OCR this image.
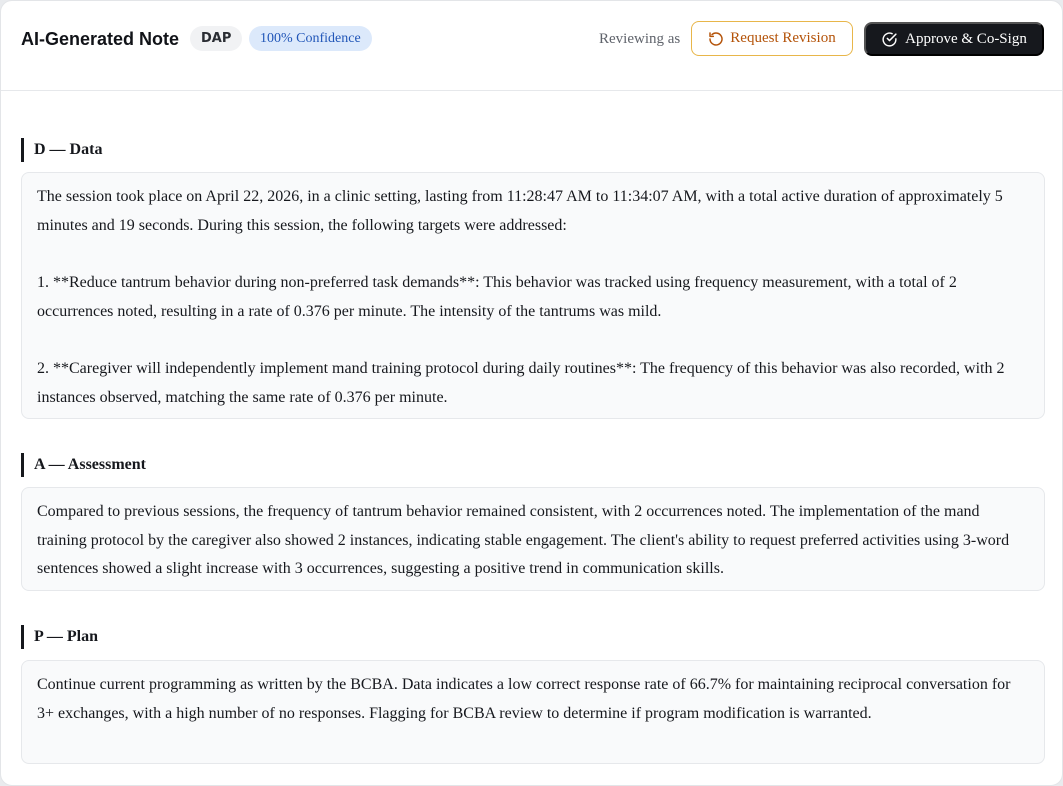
AI-Generated Note	DAP	100% Confidence	Reviewing as	Request Revision	Approve & Co-Sign
D — Data

The session took place on April 22, 2026, in a clinic setting, lasting from 11:28:47 AM to 11:34:07 AM, with a total active duration of approximately 5 minutes and 19 seconds. During this session, the following targets were addressed:

1. **Reduce tantrum behavior during non-preferred task demands**: This behavior was tracked using frequency measurement, with a total of 2 occurrences noted, resulting in a rate of 0.376 per minute. The intensity of the tantrums was mild.

2. **Caregiver will independently implement mand training protocol during daily routines**: The frequency of this behavior was also recorded, with 2 instances observed, matching the same rate of 0.376 per minute.

A — Assessment

Compared to previous sessions, the frequency of tantrum behavior remained consistent, with 2 occurrences noted. The implementation of the mand training protocol by the caregiver also showed 2 instances, indicating stable engagement. The client's ability to request preferred activities using 3-word sentences showed a slight increase with 3 occurrences, suggesting a positive trend in communication skills.

P — Plan

Continue current programming as written by the BCBA. Data indicates a low correct response rate of 66.7% for maintaining reciprocal conversation for 3+ exchanges, with a high number of no responses. Flagging for BCBA review to determine if program modification is warranted.
